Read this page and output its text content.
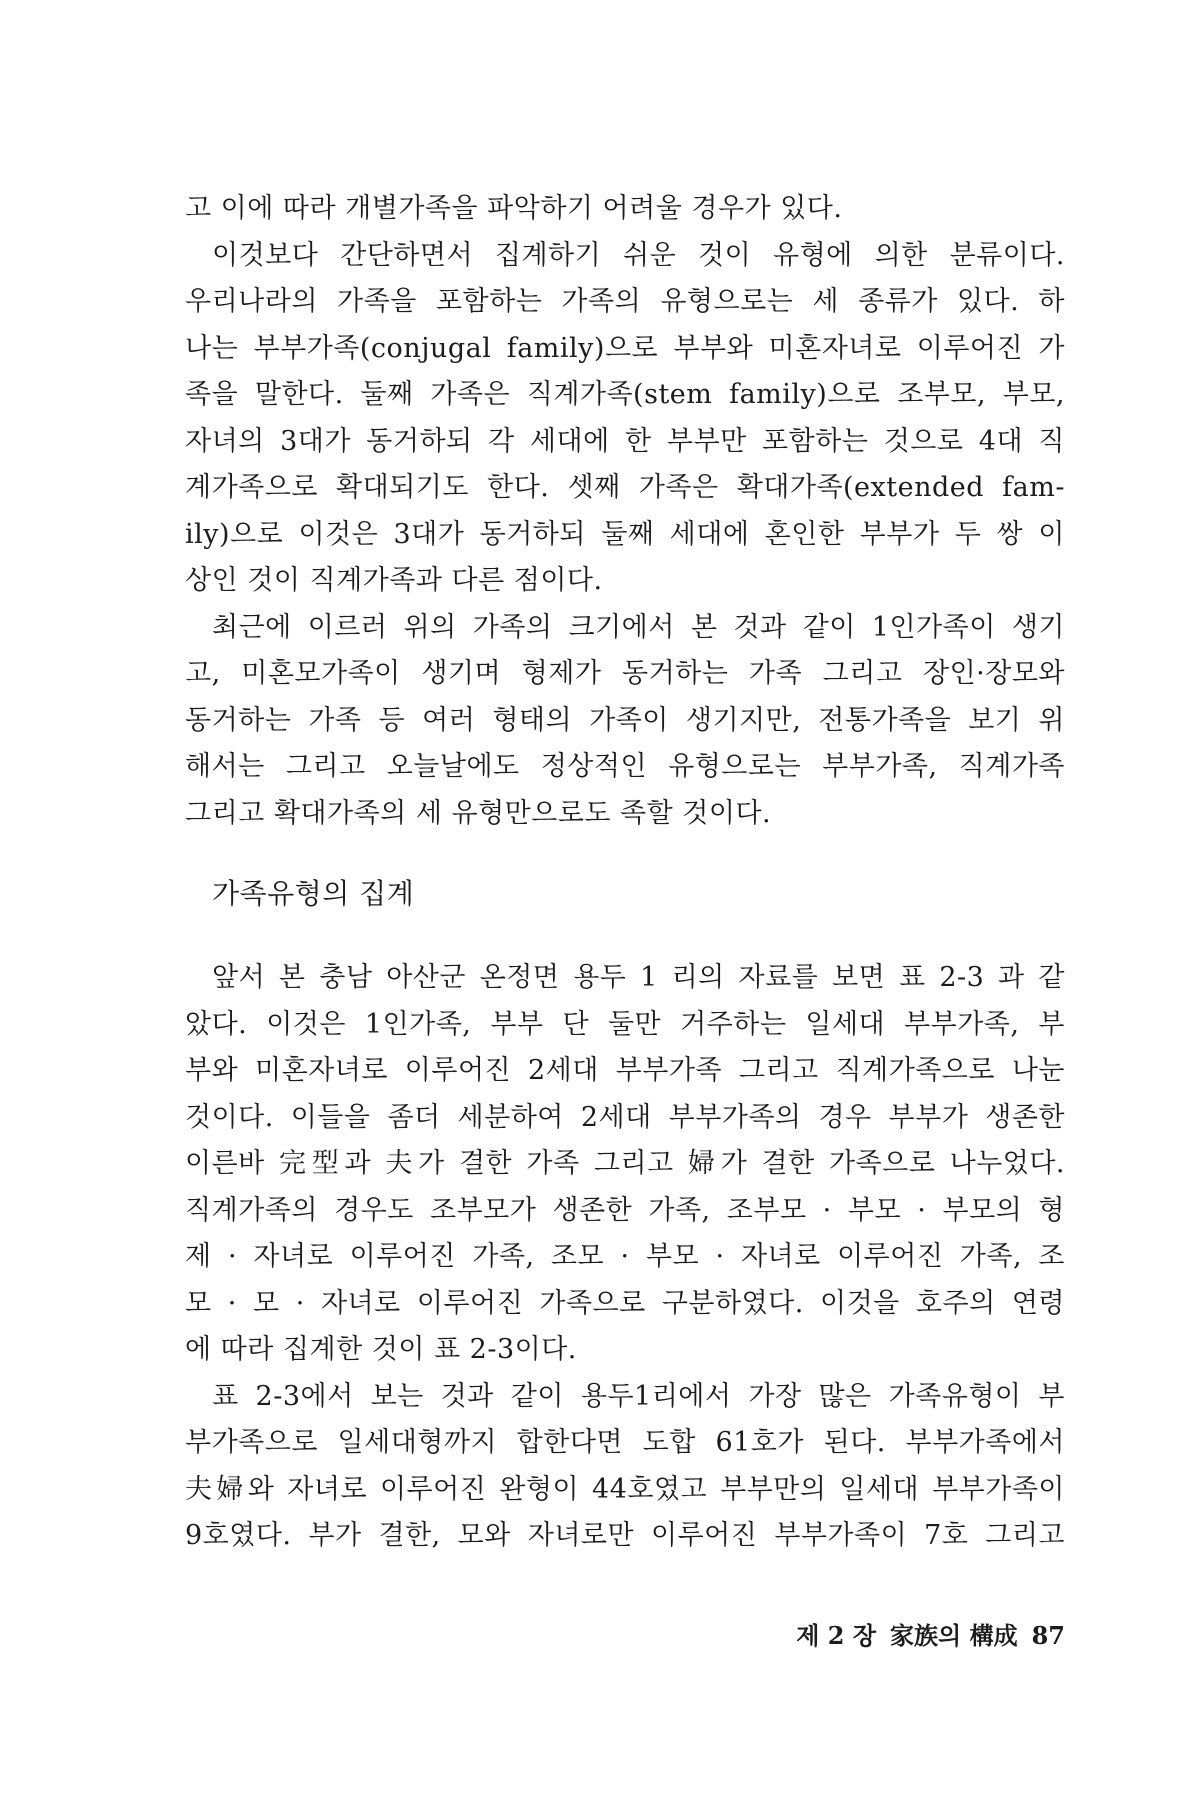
고 이에 따라 개별가족을 파악하기 어려울 경우가 있다.
이것보다 간단하면서 집계하기 쉬운 것이 유형에 의한 분류이다.
우리나라의 가족을 포함하는 가족의 유형으로는 세 종류가 있다. 하
나는 부부가족(conjugal family)으로 부부와 미혼자녀로 이루어진 가
족을 말한다. 둘째 가족은 직계가족(stem family)으로 조부모, 부모,
자녀의 3대가 동거하되 각 세대에 한 부부만 포함하는 것으로 4대 직
계가족으로 확대되기도 한다. 셋째 가족은 확대가족(extended fam-
ily)으로 이것은 3대가 동거하되 둘째 세대에 혼인한 부부가 두 쌍 이
상인 것이 직계가족과 다른 점이다.
최근에 이르러 위의 가족의 크기에서 본 것과 같이 1인가족이 생기
고, 미혼모가족이 생기며 형제가 동거하는 가족 그리고 장인·장모와
동거하는 가족 등 여러 형태의 가족이 생기지만, 전통가족을 보기 위
해서는 그리고 오늘날에도 정상적인 유형으로는 부부가족, 직계가족
그리고 확대가족의 세 유형만으로도 족할 것이다.
가족유형의 집계
앞서 본 충남 아산군 온정면 용두 1 리의 자료를 보면 표 2-3 과 같
았다. 이것은 1인가족, 부부 단 둘만 거주하는 일세대 부부가족, 부
부와 미혼자녀로 이루어진 2세대 부부가족 그리고 직계가족으로 나눈
것이다. 이들을 좀더 세분하여 2세대 부부가족의 경우 부부가 생존한
이른바 完型과 夫가 결한 가족 그리고 婦가 결한 가족으로 나누었다.
직계가족의 경우도 조부모가 생존한 가족, 조부모 · 부모 · 부모의 형
제 · 자녀로 이루어진 가족, 조모 · 부모 · 자녀로 이루어진 가족, 조
모 · 모 · 자녀로 이루어진 가족으로 구분하였다. 이것을 호주의 연령
에 따라 집계한 것이 표 2-3이다.
표 2-3에서 보는 것과 같이 용두1리에서 가장 많은 가족유형이 부
부가족으로 일세대형까지 합한다면 도합 61호가 된다. 부부가족에서
夫婦와 자녀로 이루어진 완형이 44호였고 부부만의 일세대 부부가족이
9호였다. 부가 결한, 모와 자녀로만 이루어진 부부가족이 7호 그리고
제 2 장 家族의 構成 87
